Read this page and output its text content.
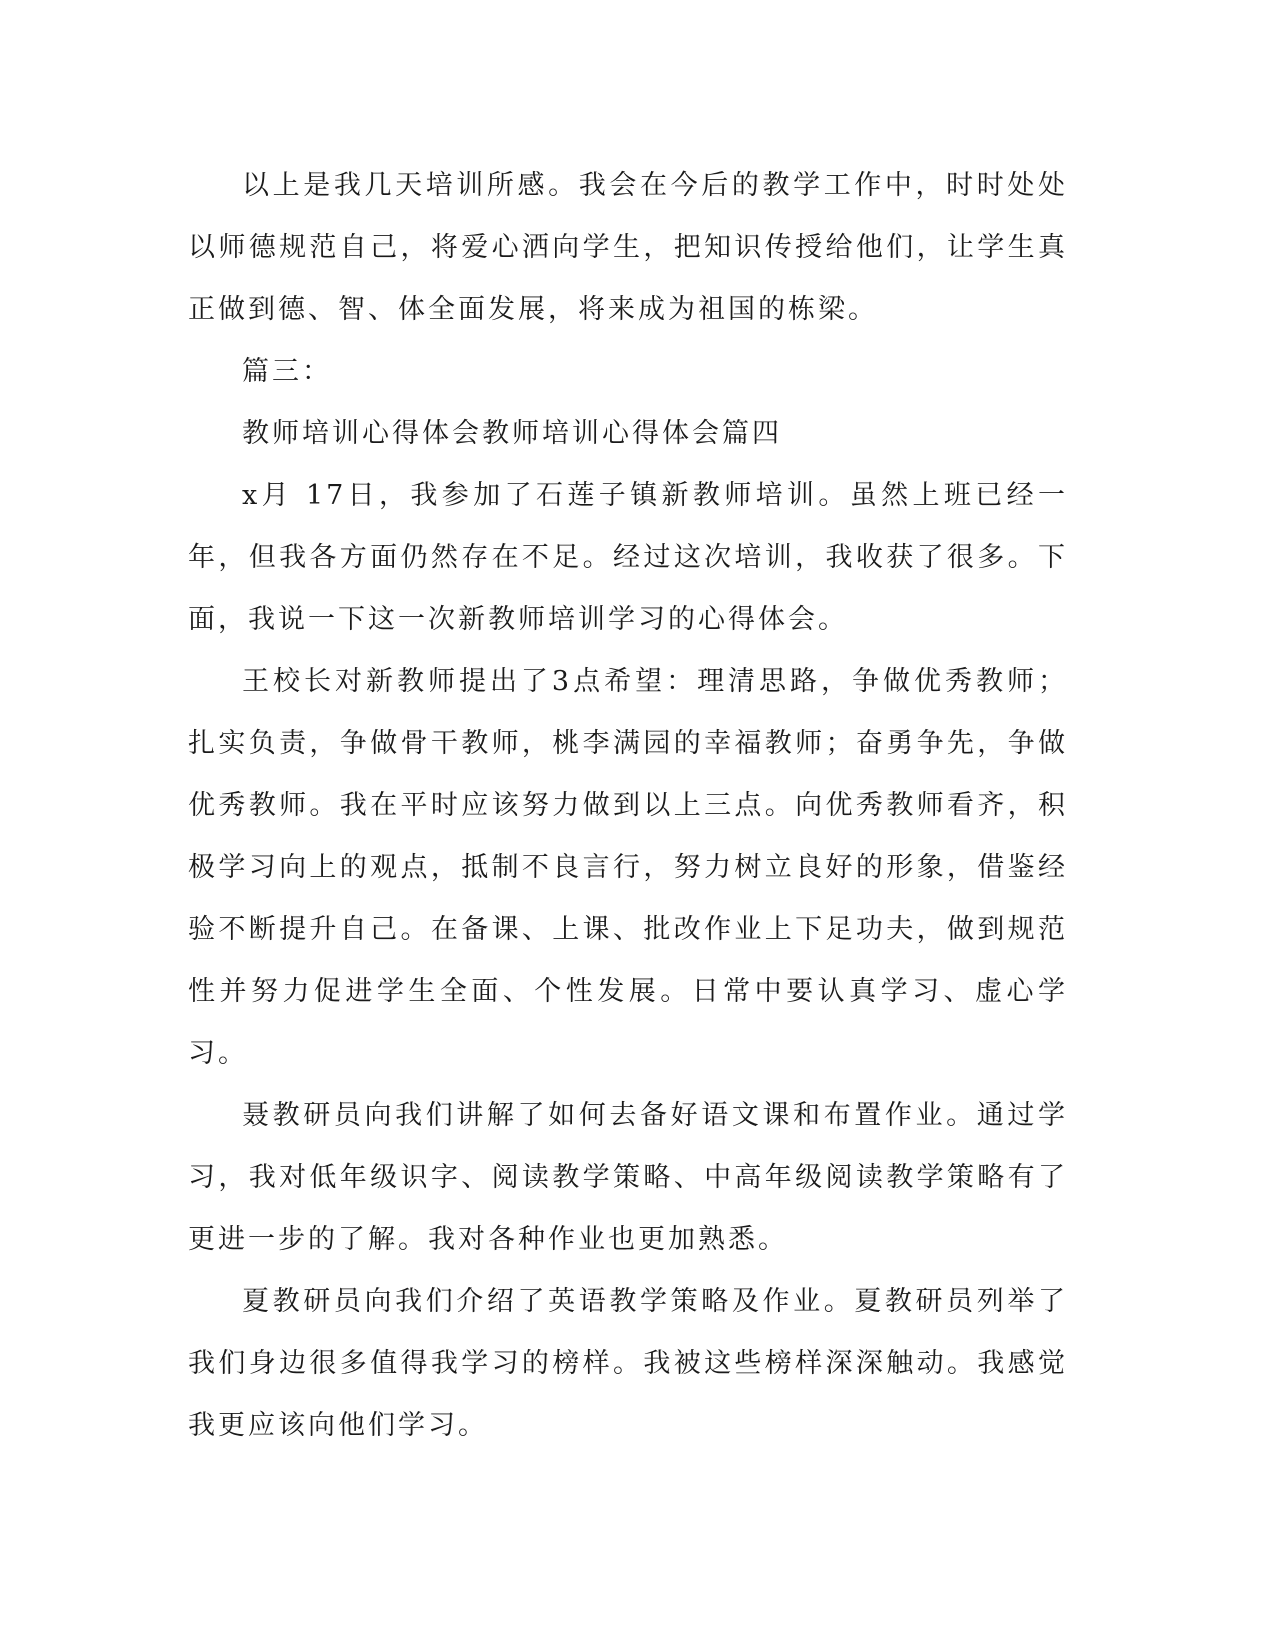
以上是我几天培训所感。我会在今后的教学工作中，时时处处以师德规范自己，将爱心洒向学生，把知识传授给他们，让学生真正做到德、智、体全面发展，将来成为祖国的栋梁。

篇三：

教师培训心得体会教师培训心得体会篇四

x月 17日，我参加了石莲子镇新教师培训。虽然上班已经一年，但我各方面仍然存在不足。经过这次培训，我收获了很多。下面，我说一下这一次新教师培训学习的心得体会。

王校长对新教师提出了3点希望：理清思路，争做优秀教师；扎实负责，争做骨干教师，桃李满园的幸福教师；奋勇争先，争做优秀教师。我在平时应该努力做到以上三点。向优秀教师看齐，积极学习向上的观点，抵制不良言行，努力树立良好的形象，借鉴经验不断提升自己。在备课、上课、批改作业上下足功夫，做到规范性并努力促进学生全面、个性发展。日常中要认真学习、虚心学习。

聂教研员向我们讲解了如何去备好语文课和布置作业。通过学习，我对低年级识字、阅读教学策略、中高年级阅读教学策略有了更进一步的了解。我对各种作业也更加熟悉。

夏教研员向我们介绍了英语教学策略及作业。夏教研员列举了我们身边很多值得我学习的榜样。我被这些榜样深深触动。我感觉我更应该向他们学习。
